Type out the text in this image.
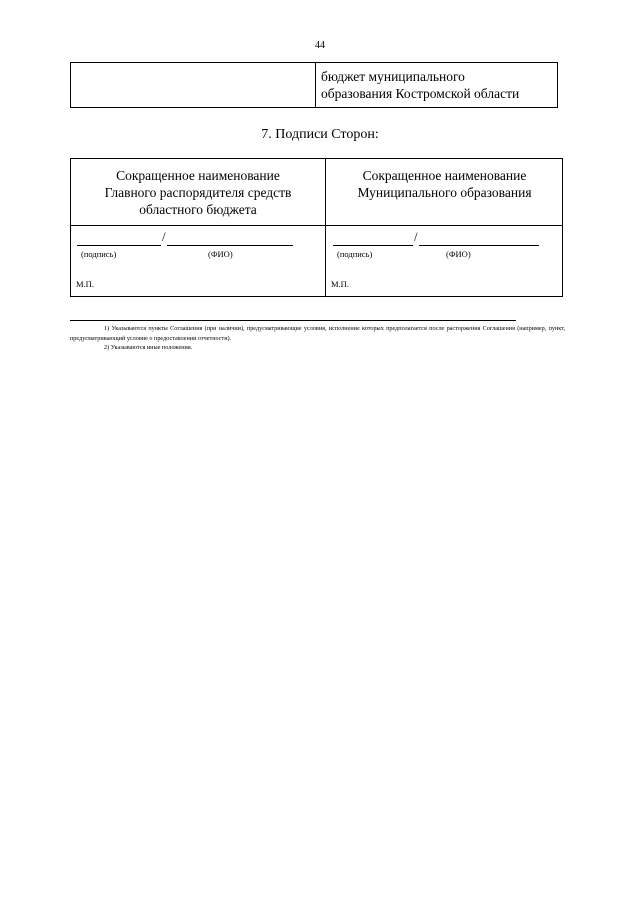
44
бюджет муниципального
образования Костромской области
7. Подписи Сторон:
Сокращенное наименование
Главного распорядителя средств
областного бюджета
Сокращенное наименование
Муниципального образования
/
(подпись)	(ФИО)
М.П.
/
(подпись)	(ФИО)
М.П.

1) Указываются пункты Соглашения (при наличии), предусматривающие условия, исполнение которых предполагается после расторжения Соглашения (например, пункт, предусматривающий условие о предоставлении отчетности).

2) Указываются иные положения.
